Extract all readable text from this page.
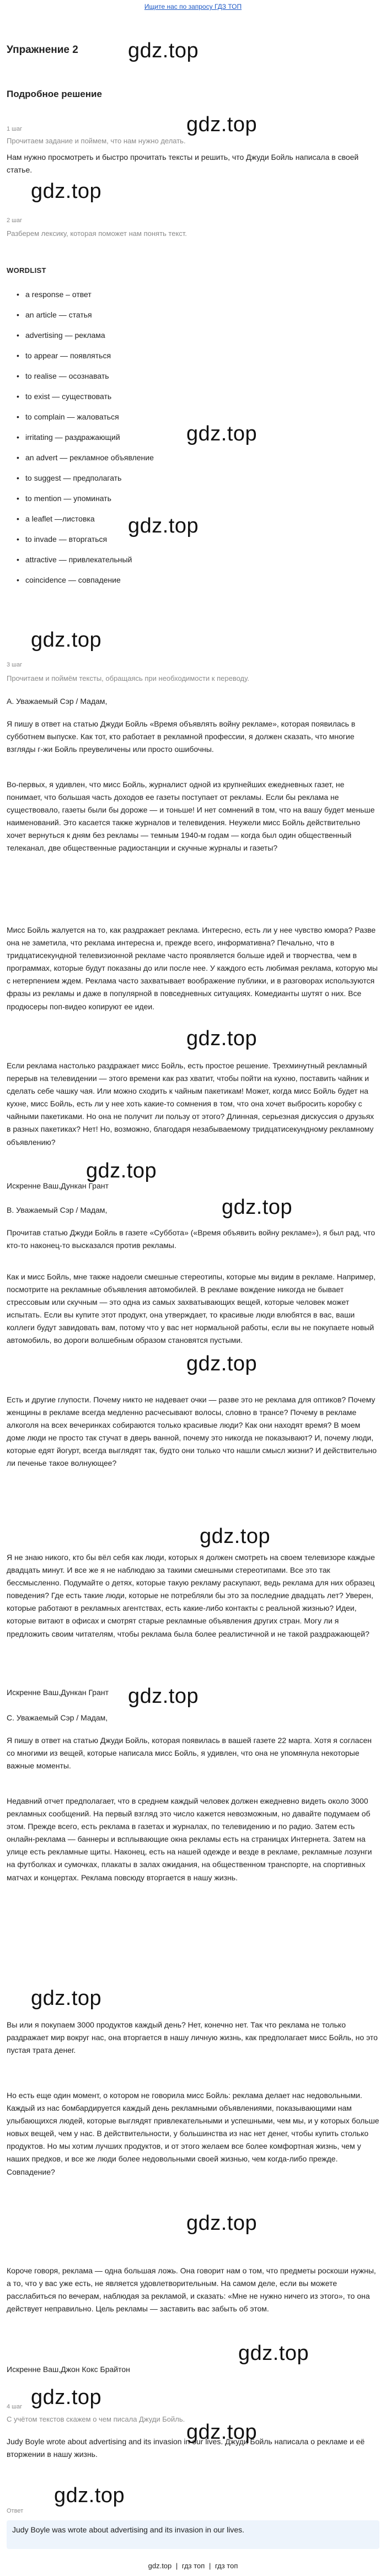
Ищите нас по запросу ГДЗ ТОП
Упражнение 2 gdz.top
Подробное решение
gdz.top
1 шаг
Прочитаем задание и поймем, что нам нужно делать.
Нам нужно просмотреть и быстро прочитать тексты и решить, что Джуди Бойль написала в своей статье.
gdz.top
2 шаг
Разберем лексику, которая поможет нам понять текст.
WORDLIST
• a response – ответ
• an article — статья
• advertising — реклама
• to appear — появляться
• to realise — осознавать
• to exist — существовать
• to complain — жаловаться
• irritating — раздражающий
• an advert — рекламное объявление
• to suggest — предполагать
• to mention — упоминать
• a leaflet —листовка
• to invade — вторгаться
• attractive — привлекательный
• coincidence — совпадение
gdz.top
gdz.top
gdz.top
3 шаг
Прочитаем и поймём тексты, обращаясь при необходимости к переводу.
А. Уважаемый Сэр / Мадам,
Я пишу в ответ на статью Джуди Бойль «Время объявлять войну рекламе», которая появилась в субботнем выпуске. Как тот, кто работает в рекламной профессии, я должен сказать, что многие взгляды г-жи Бойль преувеличены или просто ошибочны.
Во-первых, я удивлен, что мисс Бойль, журналист одной из крупнейших ежедневных газет, не понимает, что большая часть доходов ее газеты поступает от рекламы. Если бы реклама не существовало, газеты были бы дороже — и тоньше! И нет сомнений в том, что на вашу будет меньше наименований. Это касается также журналов и телевидения. Неужели мисс Бойль действительно хочет вернуться к дням без рекламы — темным 1940-м годам — когда был один общественный телеканал, две общественные радиостанции и скучные журналы и газеты?
Мисс Бойль жалуется на то, как раздражает реклама. Интересно, есть ли у нее чувство юмора? Разве она не заметила, что реклама интересна и, прежде всего, информативна? Печально, что в тридцатисекундной телевизионной рекламе часто проявляется больше идей и творчества, чем в программах, которые будут показаны до или после нее. У каждого есть любимая реклама, которую мы с нетерпением ждем. Реклама часто захватывает воображение публики, и в разговорах используются фразы из рекламы и даже в популярной в повседневных ситуациях. Комедианты шутят о них. Все продюсеры поп-видео копируют ее идеи.
gdz.top
Если реклама настолько раздражает мисс Бойль, есть простое решение. Трехминутный рекламный перерыв на телевидении — этого времени как раз хватит, чтобы пойти на кухню, поставить чайник и сделать себе чашку чая. Или можно сходить к чайным пакетикам! Может, когда мисс Бойль будет на кухне, мисс Бойль, есть ли у нее хоть какие-то сомнения в том, что она хочет выбросить коробку с чайными пакетиками. Но она не получит ли пользу от этого? Длинная, серьезная дискуссия о друзьях в разных пакетиках? Нет! Но, возможно, благодаря незабываемому тридцатисекундному рекламному объявлению?
gdz.top
Искренне Ваш,Дункан Грант
gdz.top
В. Уважаемый Сэр / Мадам,
Прочитав статью Джуди Бойль в газете «Суббота» («Время объявить войну рекламе»), я был рад, что кто-то наконец-то высказался против рекламы.
Как и мисс Бойль, мне также надоели смешные стереотипы, которые мы видим в рекламе. Например, посмотрите на рекламные объявления автомобилей. В рекламе вождение никогда не бывает стрессовым или скучным — это одна из самых захватывающих вещей, которые человек может испытать. Если вы купите этот продукт, она утверждает, то красивые люди влюбятся в вас, ваши коллеги будут завидовать вам, потому что у вас нет нормальной работы, если вы не покупаете новый автомобиль, во дороги волшебным образом становятся пустыми.
gdz.top
Есть и другие глупости. Почему никто не надевает очки — разве это не реклама для оптиков? Почему женщины в рекламе всегда медленно расчесывают волосы, словно в трансе? Почему в рекламе алкоголя на всех вечеринках собираются только красивые люди? Как они находят время? В моем доме люди не просто так стучат в дверь ванной, почему это никогда не показывают? И, почему люди, которые едят йогурт, всегда выглядят так, будто они только что нашли смысл жизни? И действительно ли печенье такое волнующее?
gdz.top
Я не знаю никого, кто бы вёл себя как люди, которых я должен смотреть на своем телевизоре каждые двадцать минут. И все же я не наблюдаю за такими смешными стереотипами. Все это так бессмысленно. Подумайте о детях, которые такую рекламу раскупают, ведь реклама для них образец поведения? Где есть такие люди, которые не потребляли бы это за последние двадцать лет? Уверен, которые работают в рекламных агентствах, есть какие-либо контакты с реальной жизнью? Идеи, которые витают в офисах и смотрят старые рекламные объявления других стран. Могу ли я предложить своим читателям, чтобы реклама была более реалистичной и не такой раздражающей?
Искренне Ваш,Дункан Грант gdz.top
C. Уважаемый Сэр / Мадам,
Я пишу в ответ на статью Джуди Бойль, которая появилась в вашей газете 22 марта. Хотя я согласен со многими из вещей, которые написала мисс Бойль, я удивлен, что она не упомянула некоторые важные моменты.
Недавний отчет предполагает, что в среднем каждый человек должен ежедневно видеть около 3000 рекламных сообщений. На первый взгляд это число кажется невозможным, но давайте подумаем об этом. Прежде всего, есть реклама в газетах и журналах, по телевидению и по радио. Затем есть онлайн-реклама — баннеры и всплывающие окна рекламы есть на страницах Интернета. Затем на улице есть рекламные щиты. Наконец, есть на нашей одежде и везде в рекламе, рекламные лозунги на футболках и сумочках, плакаты в залах ожидания, на общественном транспорте, на спортивных матчах и концертах. Реклама повсюду вторгается в нашу жизнь.
gdz.top
Вы или я покупаем 3000 продуктов каждый день? Нет, конечно нет. Так что реклама не только раздражает мир вокруг нас, она вторгается в нашу личную жизнь, как предполагает мисс Бойль, но это пустая трата денег.
Но есть еще один момент, о котором не говорила мисс Бойль: реклама делает нас недовольными. Каждый из нас бомбардируется каждый день рекламными объявлениями, показывающими нам улыбающихся людей, которые выглядят привлекательными и успешными, чем мы, и у которых больше новых вещей, чем у нас. В действительности, у большинства из нас нет денег, чтобы купить столько продуктов. Но мы хотим лучших продуктов, и от этого желаем все более комфортная жизнь, чем у наших предков, и все же люди более недовольными своей жизнью, чем когда-либо прежде. Совпадение?
gdz.top
Короче говоря, реклама — одна большая ложь. Она говорит нам о том, что предметы роскоши нужны, а то, что у вас уже есть, не является удовлетворительным. На самом деле, если вы можете расслабиться по вечерам, наблюдая за рекламой, и сказать: «Мне не нужно ничего из этого», то она действует неправильно. Цель рекламы — заставить вас забыть об этом.
gdz.top
Искренне Ваш,Джон Кокс Брайтон
gdz.top
4 шаг
С учётом текстов скажем о чем писала Джуди Бойль.
gdz.top
Judy Boyle wrote about advertising and its invasion in our lives. Джуди Бойль написала о рекламе и её вторжении в нашу жизнь.
Ответ
gdz.top
Judy Boyle was wrote about advertising and its invasion in our lives.
gdz.top | гдз топ | гдз топ
